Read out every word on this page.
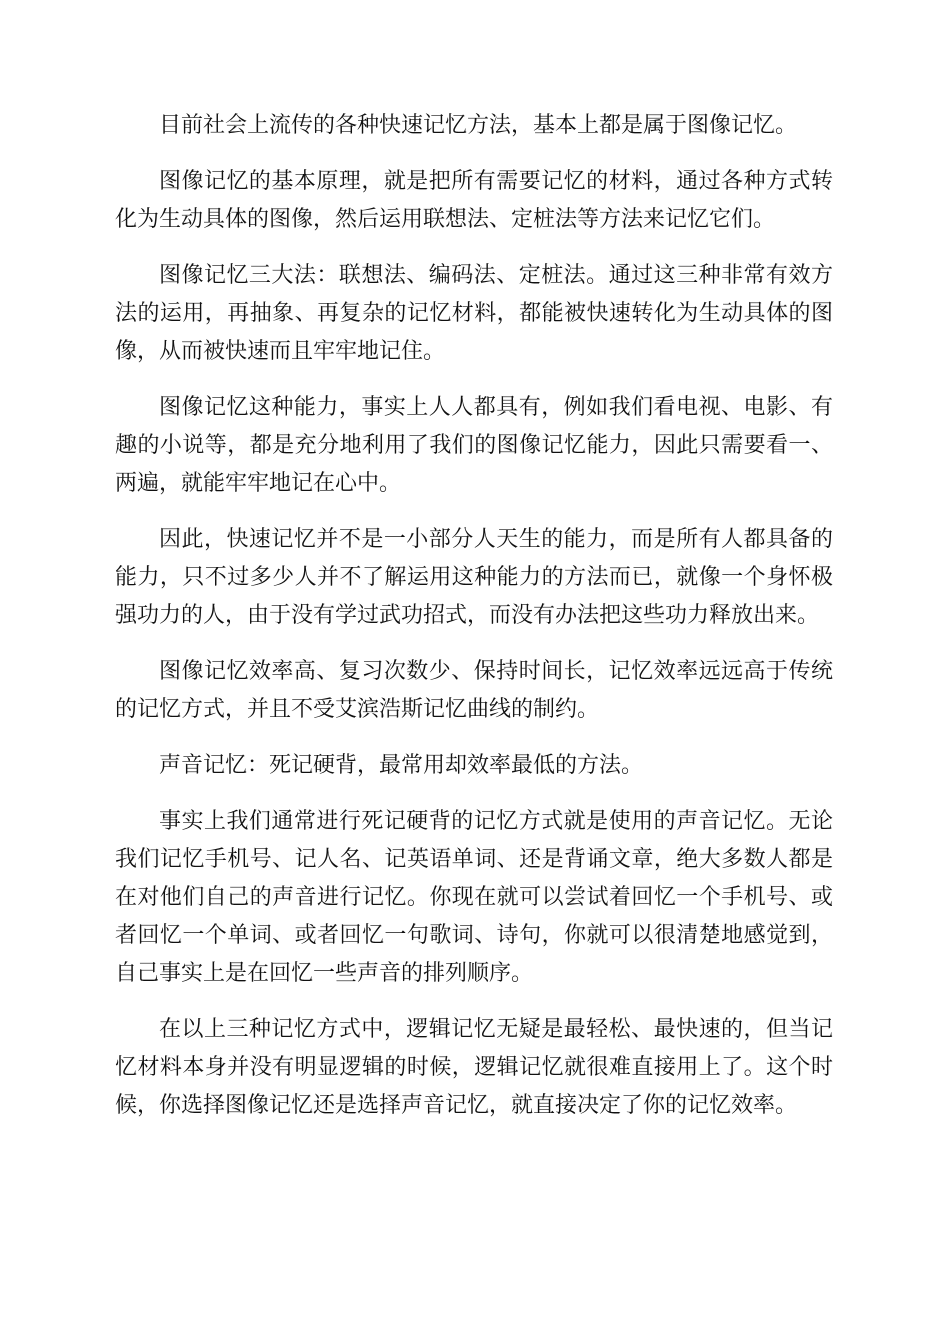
目前社会上流传的各种快速记忆方法，基本上都是属于图像记忆。

图像记忆的基本原理，就是把所有需要记忆的材料，通过各种方式转化为生动具体的图像，然后运用联想法、定桩法等方法来记忆它们。

图像记忆三大法：联想法、编码法、定桩法。通过这三种非常有效方法的运用，再抽象、再复杂的记忆材料，都能被快速转化为生动具体的图像，从而被快速而且牢牢地记住。

图像记忆这种能力，事实上人人都具有，例如我们看电视、电影、有趣的小说等，都是充分地利用了我们的图像记忆能力，因此只需要看一、两遍，就能牢牢地记在心中。

因此，快速记忆并不是一小部分人天生的能力，而是所有人都具备的能力，只不过多少人并不了解运用这种能力的方法而已，就像一个身怀极强功力的人，由于没有学过武功招式，而没有办法把这些功力释放出来。

图像记忆效率高、复习次数少、保持时间长，记忆效率远远高于传统的记忆方式，并且不受艾滨浩斯记忆曲线的制约。

声音记忆：死记硬背，最常用却效率最低的方法。

事实上我们通常进行死记硬背的记忆方式就是使用的声音记忆。无论我们记忆手机号、记人名、记英语单词、还是背诵文章，绝大多数人都是在对他们自己的声音进行记忆。你现在就可以尝试着回忆一个手机号、或者回忆一个单词、或者回忆一句歌词、诗句，你就可以很清楚地感觉到，自己事实上是在回忆一些声音的排列顺序。

在以上三种记忆方式中，逻辑记忆无疑是最轻松、最快速的，但当记忆材料本身并没有明显逻辑的时候，逻辑记忆就很难直接用上了。这个时候，你选择图像记忆还是选择声音记忆，就直接决定了你的记忆效率。
